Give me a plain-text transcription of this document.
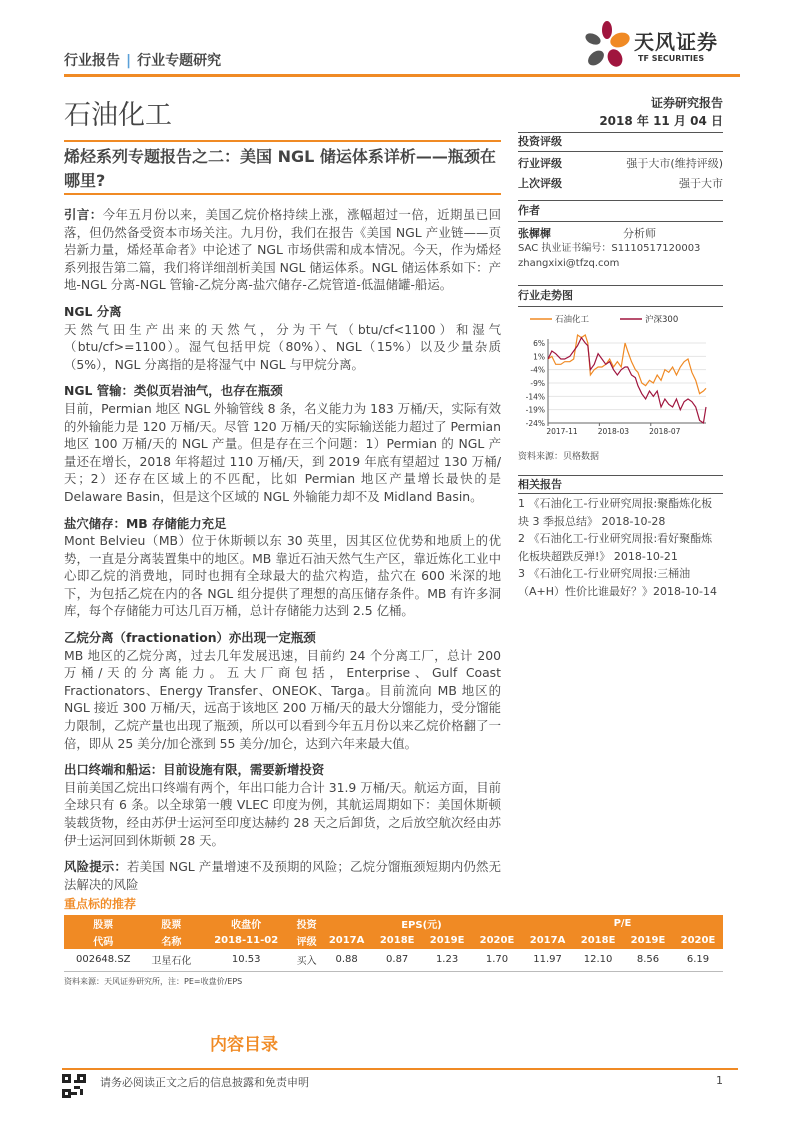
行业报告 | 行业专题研究
天风证券
TF SECURITIES
石油化工
烯烃系列专题报告之二：美国 NGL 储运体系详析——瓶颈在哪里?
证券研究报告
2018 年 11 月 04 日
投资评级
行业评级	强于大市(维持评级)
上次评级	强于大市
作者
张樨樨	分析师
SAC 执业证书编号：S1110517120003
zhangxixi@tfzq.com
行业走势图
6%
1%
-4%
-9%
-14%
-19%
-24%
2017-11	2018-03	2018-07
石油化工	沪深300
资料来源：贝格数据
相关报告
1 《石油化工-行业研究周报:聚酯炼化板块 3 季报总结》 2018-10-28
2 《石油化工-行业研究周报:看好聚酯炼化板块超跌反弹!》 2018-10-21
3 《石油化工-行业研究周报:三桶油（A+H）性价比谁最好？》2018-10-14
引言：今年五月份以来，美国乙烷价格持续上涨，涨幅超过一倍，近期虽已回落，但仍然备受资本市场关注。九月份，我们在报告《美国 NGL 产业链——页岩新力量，烯烃革命者》中论述了 NGL 市场供需和成本情况。今天，作为烯烃系列报告第二篇，我们将详细剖析美国 NGL 储运体系。NGL 储运体系如下：产地-NGL 分离-NGL 管输-乙烷分离-盐穴储存-乙烷管道-低温储罐-船运。
NGL 分离
天然气田生产出来的天然气，分为干气（btu/cf<1100）和湿气（btu/cf>=1100）。湿气包括甲烷（80%）、NGL（15%）以及少量杂质（5%），NGL 分离指的是将湿气中 NGL 与甲烷分离。
NGL 管输：类似页岩油气，也存在瓶颈
目前，Permian 地区 NGL 外输管线 8 条，名义能力为 183 万桶/天，实际有效的外输能力是 120 万桶/天。尽管 120 万桶/天的实际输送能力超过了 Permian 地区 100 万桶/天的 NGL 产量。但是存在三个问题：1）Permian 的 NGL 产量还在增长，2018 年将超过 110 万桶/天，到 2019 年底有望超过 130 万桶/天；2）还存在区域上的不匹配，比如 Permian 地区产量增长最快的是 Delaware Basin，但是这个区域的 NGL 外输能力却不及 Midland Basin。
盐穴储存：MB 存储能力充足
Mont Belvieu（MB）位于休斯顿以东 30 英里，因其区位优势和地质上的优势，一直是分离装置集中的地区。MB 靠近石油天然气生产区，靠近炼化工业中心即乙烷的消费地，同时也拥有全球最大的盐穴构造，盐穴在 600 米深的地下，为包括乙烷在内的各 NGL 组分提供了理想的高压储存条件。MB 有许多洞库，每个存储能力可达几百万桶，总计存储能力达到 2.5 亿桶。
乙烷分离（fractionation）亦出现一定瓶颈
MB 地区的乙烷分离，过去几年发展迅速，目前约 24 个分离工厂，总计 200 万桶/天的分离能力。五大厂商包括，Enterprise、Gulf Coast Fractionators、Energy Transfer、ONEOK、Targa。目前流向 MB 地区的 NGL 接近 300 万桶/天，远高于该地区 200 万桶/天的最大分馏能力，受分馏能力限制，乙烷产量也出现了瓶颈，所以可以看到今年五月份以来乙烷价格翻了一倍，即从 25 美分/加仑涨到 55 美分/加仑，达到六年来最大值。
出口终端和船运：目前设施有限，需要新增投资
目前美国乙烷出口终端有两个，年出口能力合计 31.9 万桶/天。航运方面，目前全球只有 6 条。以全球第一艘 VLEC 印度为例，其航运周期如下：美国休斯顿装载货物，经由苏伊士运河至印度达赫约 28 天之后卸货，之后放空航次经由苏伊士运河回到休斯顿 28 天。
风险提示：若美国 NGL 产量增速不及预期的风险；乙烷分馏瓶颈短期内仍然无法解决的风险
重点标的推荐
股票	股票	收盘价	投资	EPS(元)				P/E			
代码	名称	2018-11-02	评级	2017A	2018E	2019E	2020E	2017A	2018E	2019E	2020E
002648.SZ	卫星石化	10.53	买入	0.88	0.87	1.23	1.70	11.97	12.10	8.56	6.19
资料来源：天风证券研究所，注：PE=收盘价/EPS
内容目录
请务必阅读正文之后的信息披露和免责申明	1
